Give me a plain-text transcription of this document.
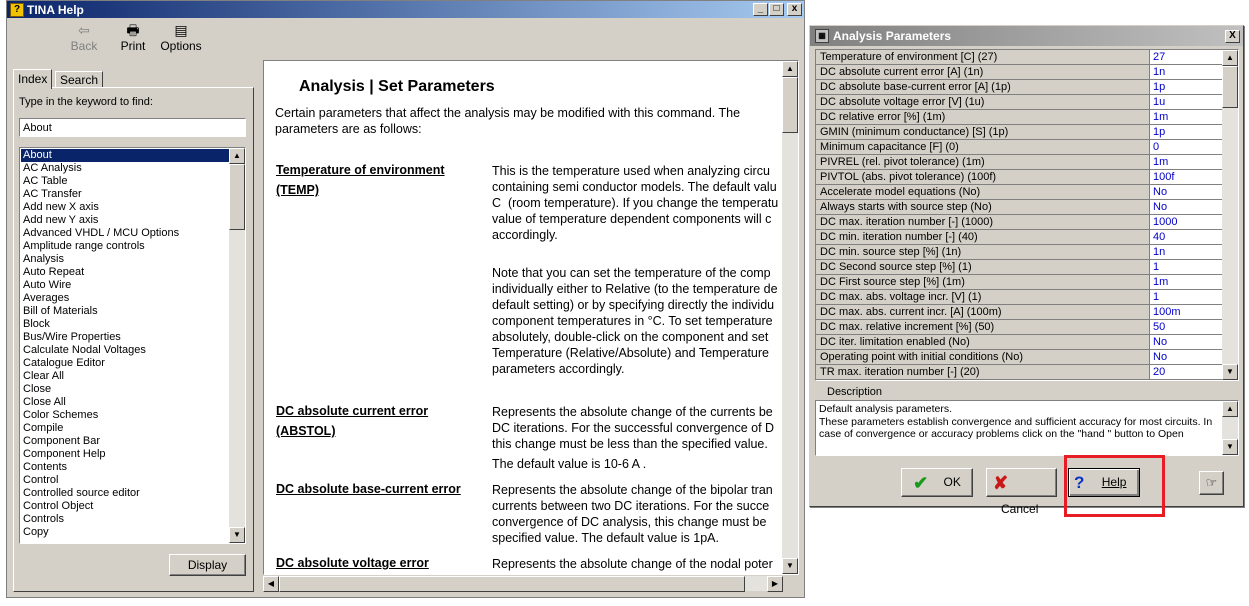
? TINA Help	_	□	x
⇦
Back
🖶
Print
▤
Options
Index	Search
Type in the keyword to find:
About
About
AC Analysis
AC Table
AC Transfer
Add new X axis
Add new Y axis
Advanced VHDL / MCU Options
Amplitude range controls
Analysis
Auto Repeat
Auto Wire
Averages
Bill of Materials
Block
Bus/Wire Properties
Calculate Nodal Voltages
Catalogue Editor
Clear All
Close
Close All
Color Schemes
Compile
Component Bar
Component Help
Contents
Control
Controlled source editor
Control Object
Controls
Copy
▲
▼
Display
Analysis | Set Parameters
Certain parameters that affect the analysis may be modified with this command. The parameters are as follows:
Temperature of environment (TEMP)
This is the temperature used when analyzing circu
containing semi conductor models. The default valu
C  (room temperature). If you change the temperatu
value of temperature dependent components will c
accordingly.
Note that you can set the temperature of the comp
individually either to Relative (to the temperature de
default setting) or by specifying directly the individu
component temperatures in °C. To set temperature
absolutely, double-click on the component and set
Temperature (Relative/Absolute) and Temperature
parameters accordingly.
DC absolute current error (ABSTOL)
Represents the absolute change of the currents be
DC iterations. For the successful convergence of D
this change must be less than the specified value.
The default value is 10-6 A .
DC absolute base-current error	Represents the absolute change of the bipolar tran
currents between two DC iterations. For the succe
convergence of DC analysis, this change must be
specified value. The default value is 1pA.
DC absolute voltage error	Represents the absolute change of the nodal poter
▲
▼
◀	▶
▦ Analysis Parameters	X
Temperature of environment [C] (27)	27
DC absolute current error [A] (1n)	1n
DC absolute base-current error [A] (1p)	1p
DC absolute voltage error [V] (1u)	1u
DC relative error [%] (1m)	1m
GMIN (minimum conductance) [S] (1p)	1p
Minimum capacitance [F] (0)	0
PIVREL (rel. pivot tolerance) (1m)	1m
PIVTOL (abs. pivot tolerance) (100f)	100f
Accelerate model equations (No)	No
Always starts with source step (No)	No
DC max. iteration number [-] (1000)	1000
DC min. iteration number [-] (40)	40
DC min. source step [%] (1n)	1n
DC Second source step [%] (1)	1
DC First source step [%] (1m)	1m
DC max. abs. voltage incr. [V] (1)	1
DC max. abs. current incr. [A] (100m)	100m
DC max. relative increment [%] (50)	50
DC iter. limitation enabled (No)	No
Operating point with initial conditions (No)	No
TR max. iteration number [-] (20)	20
▲
▼
Description
Default analysis parameters.
These parameters establish convergence and sufficient accuracy for most circuits. In case of convergence or accuracy problems click on the "hand " button to Open
▲
▼
✔ OK	✘ Cancel
? Help	☞
